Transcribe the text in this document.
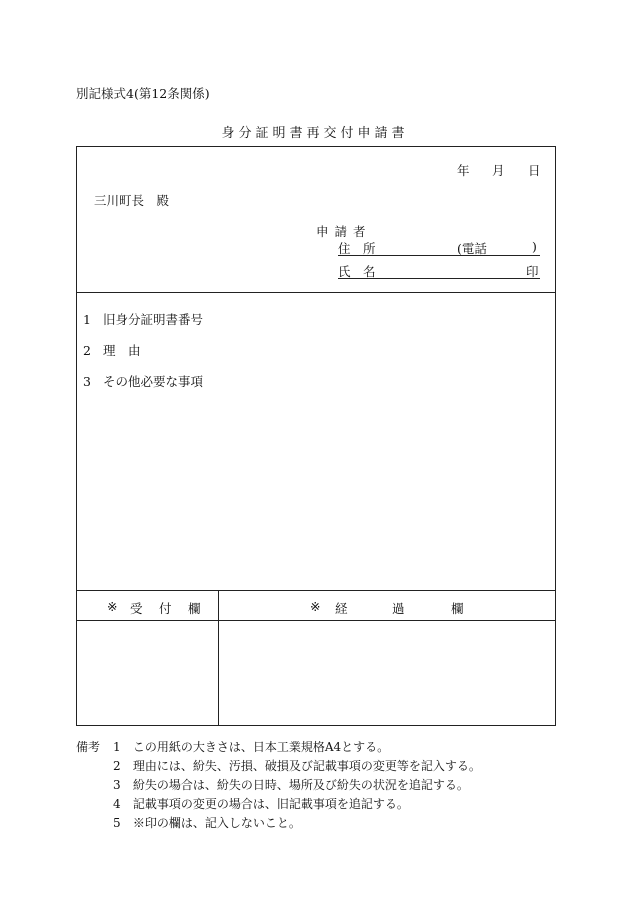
別記様式4(第12条関係)
身分証明書再交付申請書
年 月 日
三川町長　殿
申請者
住　所	(電話	)
氏　名	印
1 旧身分証明書番号
2 理　由
3 その他必要な事項
※ 受　付　欄	※ 経	過	欄
備考 1 この用紙の大きさは、日本工業規格A4とする。
2 理由には、紛失、汚損、破損及び記載事項の変更等を記入する。
3 紛失の場合は、紛失の日時、場所及び紛失の状況を追記する。
4 記載事項の変更の場合は、旧記載事項を追記する。
5 ※印の欄は、記入しないこと。
